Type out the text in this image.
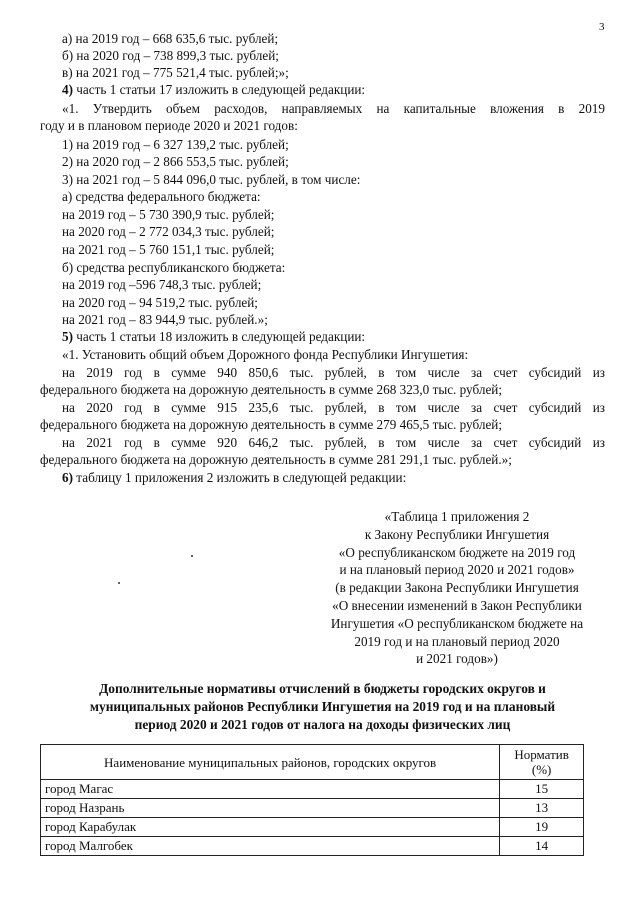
3
а) на 2019 год – 668 635,6 тыс. рублей;
б) на 2020 год – 738 899,3 тыс. рублей;
в) на 2021 год – 775 521,4 тыс. рублей;»;
4) часть 1 статьи 17 изложить в следующей редакции:
«1. Утвердить объем расходов, направляемых на капитальные вложения в 2019
году и в плановом периоде 2020 и 2021 годов:
1) на 2019 год – 6 327 139,2 тыс. рублей;
2) на 2020 год – 2 866 553,5 тыс. рублей;
3) на 2021 год – 5 844 096,0 тыс. рублей, в том числе:
а) средства федерального бюджета:
на 2019 год – 5 730 390,9 тыс. рублей;
на 2020 год – 2 772 034,3 тыс. рублей;
на 2021 год – 5 760 151,1 тыс. рублей;
б) средства республиканского бюджета:
на 2019 год –596 748,3 тыс. рублей;
на 2020 год – 94 519,2 тыс. рублей;
на 2021 год – 83 944,9 тыс. рублей.»;
5) часть 1 статьи 18 изложить в следующей редакции:
«1. Установить общий объем Дорожного фонда Республики Ингушетия:
на 2019 год в сумме 940 850,6 тыс. рублей, в том числе за счет субсидий из
федерального бюджета на дорожную деятельность в сумме 268 323,0 тыс. рублей;
на 2020 год в сумме 915 235,6 тыс. рублей, в том числе за счет субсидий из
федерального бюджета на дорожную деятельность в сумме 279 465,5 тыс. рублей;
на 2021 год в сумме 920 646,2 тыс. рублей, в том числе за счет субсидий из
федерального бюджета на дорожную деятельность в сумме 281 291,1 тыс. рублей.»;
6) таблицу 1 приложения 2 изложить в следующей редакции:
«Таблица 1 приложения 2
к Закону Республики Ингушетия
«О республиканском бюджете на 2019 год
и на плановый период 2020 и 2021 годов»
(в редакции Закона Республики Ингушетия
«О внесении изменений в Закон Республики
Ингушетия «О республиканском бюджете на
2019 год и на плановый период 2020
и 2021 годов»)
Дополнительные нормативы отчислений в бюджеты городских округов и
муниципальных районов Республики Ингушетия на 2019 год и на плановый
период 2020 и 2021 годов от налога на доходы физических лиц
Наименование муниципальных районов, городских округов	Норматив (%)
город Магас	15
город Назрань	13
город Карабулак	19
город Малгобек	14
